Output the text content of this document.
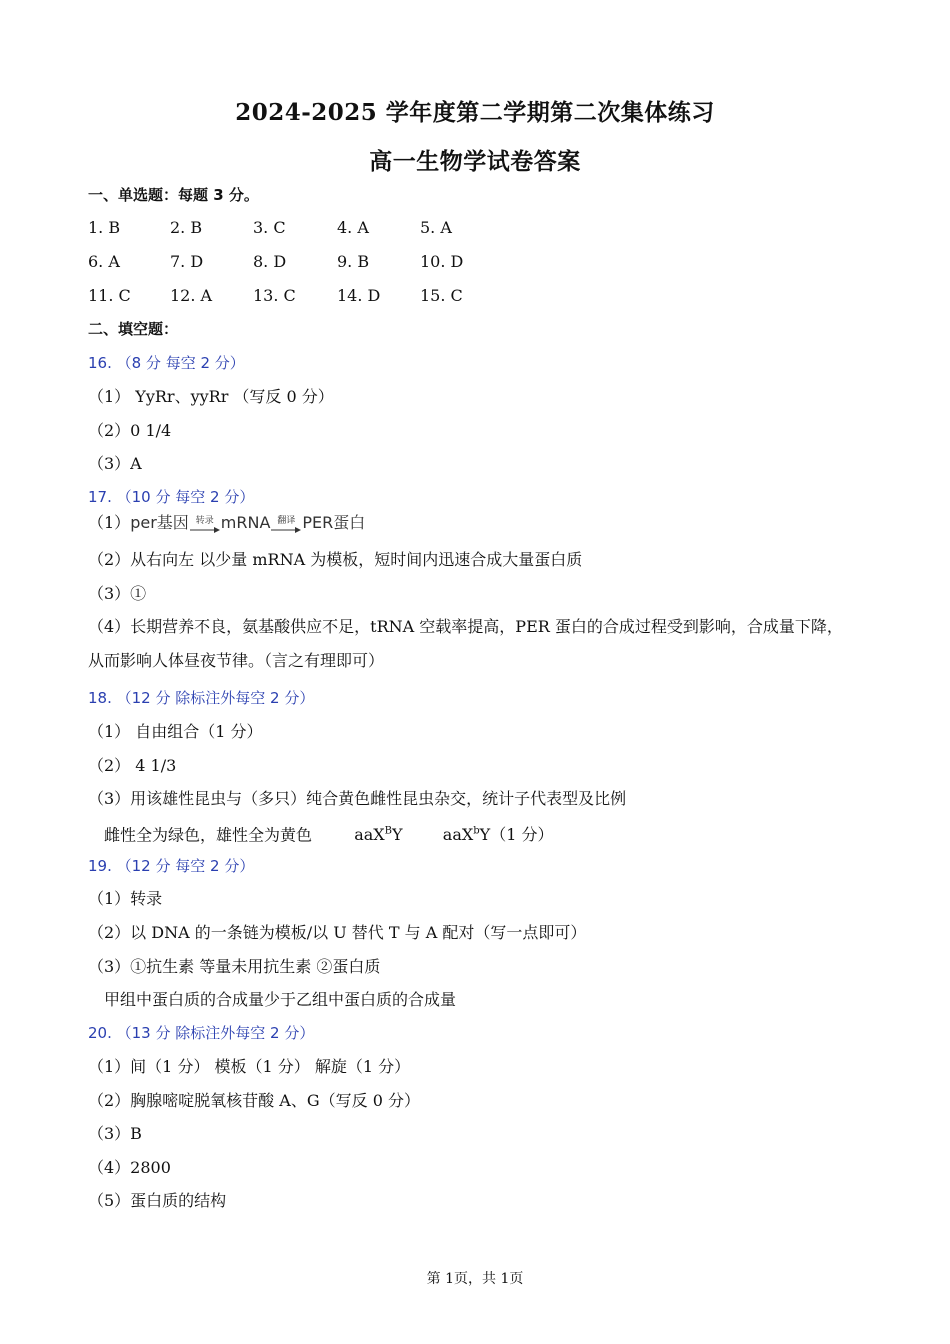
2024-2025 学年度第二学期第二次集体练习
高一生物学试卷答案
一、单选题：每题 3 分。
1. B	2. B	3. C	4. A	5. A
6. A	7. D	8. D	9. B	10. D
11. C 12. A	13. C	14. D 15. C
二、填空题：
16. （8 分 每空 2 分）
（1） YyRr、yyRr （写反 0 分）
（2）0 1/4
（3）A
17. （10 分 每空 2 分）
（1） per基因 转录 mRNA 翻译 PER蛋白
（2）从右向左 以少量 mRNA 为模板，短时间内迅速合成大量蛋白质
（3）①
（4）长期营养不良，氨基酸供应不足，tRNA 空载率提高，PER 蛋白的合成过程受到影响，合成量下降，
从而影响人体昼夜节律。（言之有理即可）
18. （12 分 除标注外每空 2 分）
（1） 自由组合（1 分）
（2） 4 1/3
（3）用该雄性昆虫与（多只）纯合黄色雌性昆虫杂交，统计子代表型及比例
雌性全为绿色，雄性全为黄色	aaX$^B$Y	aaX$^b$Y（1 分）
19. （12 分 每空 2 分）
（1）转录
（2）以 DNA 的一条链为模板/以 U 替代 T 与 A 配对（写一点即可）
（3）①抗生素 等量未用抗生素 ②蛋白质
甲组中蛋白质的合成量少于乙组中蛋白质的合成量
20. （13 分 除标注外每空 2 分）
（1）间（1 分） 模板（1 分） 解旋（1 分）
（2）胸腺嘧啶脱氧核苷酸 A、G（写反 0 分）
（3）B
（4）2800
（5）蛋白质的结构
第 1页，共 1页
